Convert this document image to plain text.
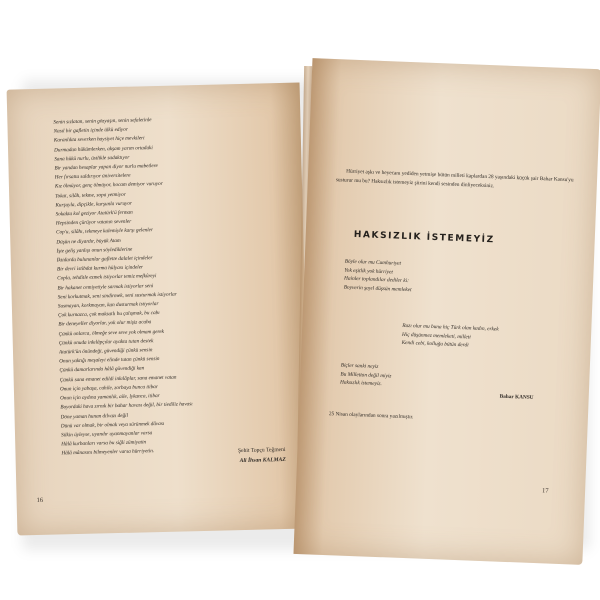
Senin sızlatan, senin gözyaşın, senin sefaletinle
Nasıl bir gafletin içinde ülkü ediyor
Karanlıkta severken haysiyet hiçe mevkileri
Durmadan hükümlerken, akşam yarım ortadaki
Sana hükü nurlu, üstlikle sadaktıyor
Bir yandan hesaplar yapan diyor nurlu mabetlere
Her fırsatta saldırıyor üniversitelere
Kız ölmüyor, genç ölmüyor, hocam demiyor vuruyor
Tokat, silâh, tekme, sopa yetmiyor
Kurşuyla, dipçikle, kurşunla vuruyor
Sokakta kol geziyor Atatürk'ü ferman
Hepsinden çürüyor vatanın sevenler
Cop'u, silâhı, tekmeye kalemiyle karşı gelenler
Düşün ne diyardır, büyük Atam
İşte geliş yanlışı onun söylediklerine
İktidarda bulunanlar gaflette dalalet içindeler
Bir devri istibdat kurma hülyası içindeler
Copla, tehditle ezmek istiyorlar temiz mefkûreyi
Bir hakanet cemiyetiyle sarmak istiyorlar seni
Seni korkutmak, seni sindirmek, seni susturmak istiyorlar
Susmayan, korkmayan, kan dusturmak istiyorlar
Çok kurnazca, çok maksatlı bu çalışmak, bu cabı
Bir deneyeller diyorlar, yok olur mişiz acaba
Çünkü onlarca, ölmeğe seve seve yok olmam gerek
Çünkü onuda inkılâpçılar ayakta tutan destek
Atatürk'ün önündeği, güvendiği çünkü sensin
Onun yaktığı meşaleyi elinde tutan çünkü sensin
Çünkü damarlarında hâlâ güvendiği kan
Çünkü sana emanet edildi inkılâplar, sana emanet vatan
Onun için yabaşa, cahile, zorbaya bunca itibar
Onun için aydına yamanlık, aile, lykanca, itibar
Boyordaki hava zırnık bir bahar havası değil, bir tiediliz havası
Döne yaman hunan dilvazı değil
Dünü var olmak, bir olmak veya sürünmek dâvası
Silkin üyleyse, uyandır uyanmayanlar varsa
Hâlâ kurbanları varsa bu siğli zümiyatin
Hâlâ mânasını bilmeyenler varsa hürriyetin.	Şehit Topçu Teğmeni
Ali İhsan KALMAZ
16
Hürriyet aşkı ve heyecanı yediden yetmişe bütün milleti kaplardan 28 yaşındaki küçük şair Bahar Kansu'yu susturur mu bu? Haksızlık istemeyiz şiirini kendi sesinden dinliyeceksiniz.
HAKSIZLIK İSTEMEYİZ
Böyle olur mu Cumhuriyet
Yok eşitlik yok hürriyet
Hainler toplandılar dediler ki:
Boyverin şayıl düşsün memleket
Razı olur mu buna hiç Türk olan kadın, erkek
Hiç düşünmez memleketi, milleti
Kendi cebi, kolluğu bütün derdi
Biçler sanki neyiz
Bu Millettan değil miyiz
Haksızlık istemeyiz.
Bahar KANSU
25 Nisan olaylarından sonra yazılmıştır.
17
